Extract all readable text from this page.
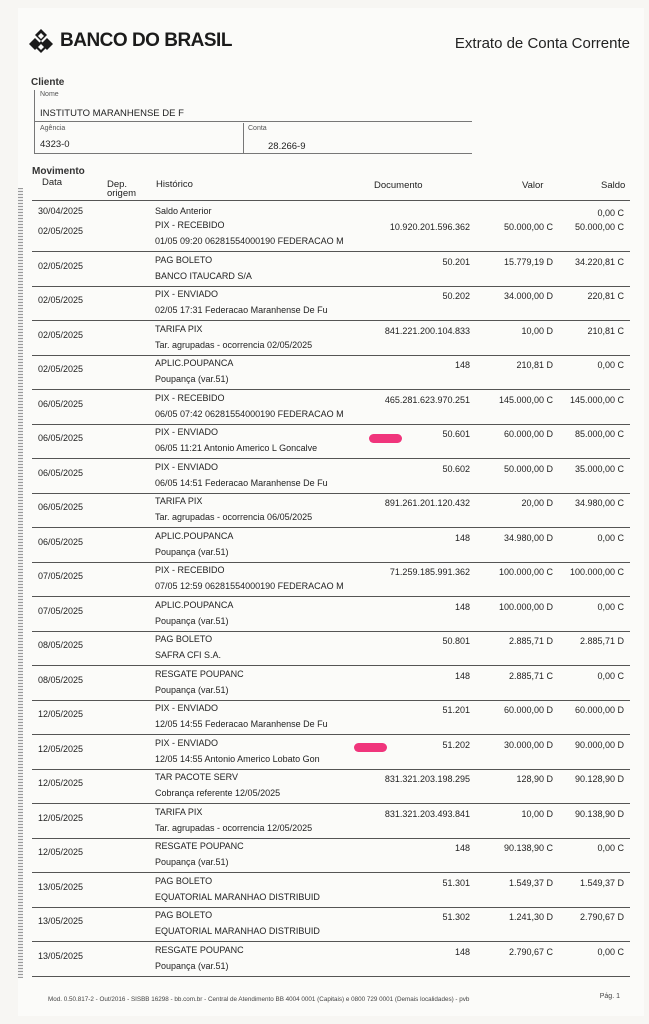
BANCO DO BRASIL	Extrato de Conta Corrente
Cliente
Nome
INSTITUTO MARANHENSE DE F
Agência
4323-0
Conta
28.266-9
Movimento
Data	Dep.
origem
Histórico	Documento	Valor	Saldo
30/04/2025	Saldo Anterior	0,00 C
02/05/2025
PIX - RECEBIDO
01/05 09:20 06281554000190 FEDERACAO M
10.920.201.596.362	50.000,00 C 50.000,00 C
02/05/2025
PAG BOLETO
BANCO ITAUCARD S/A
50.201	15.779,19 D 34.220,81 C
02/05/2025
PIX - ENVIADO
02/05 17:31 Federacao Maranhense De Fu
50.202	34.000,00 D	220,81 C
02/05/2025
TARIFA PIX
Tar. agrupadas - ocorrencia 02/05/2025
841.221.200.104.833	10,00 D	210,81 C
02/05/2025
APLIC.POUPANCA
Poupança (var.51)
148	210,81 D	0,00 C
06/05/2025
PIX - RECEBIDO
06/05 07:42 06281554000190 FEDERACAO M
465.281.623.970.251	145.000,00 C 145.000,00 C
06/05/2025
PIX - ENVIADO
06/05 11:21 Antonio Americo L Goncalve
50.601	60.000,00 D 85.000,00 C
06/05/2025
PIX - ENVIADO
06/05 14:51 Federacao Maranhense De Fu
50.602	50.000,00 D 35.000,00 C
06/05/2025
TARIFA PIX
Tar. agrupadas - ocorrencia 06/05/2025
891.261.201.120.432	20,00 D 34.980,00 C
06/05/2025
APLIC.POUPANCA
Poupança (var.51)
148	34.980,00 D	0,00 C
07/05/2025
PIX - RECEBIDO
07/05 12:59 06281554000190 FEDERACAO M
71.259.185.991.362	100.000,00 C 100.000,00 C
07/05/2025
APLIC.POUPANCA
Poupança (var.51)
148	100.000,00 D	0,00 C
08/05/2025
PAG BOLETO
SAFRA CFI S.A.
50.801	2.885,71 D	2.885,71 D
08/05/2025
RESGATE POUPANC
Poupança (var.51)
148	2.885,71 C	0,00 C
12/05/2025
PIX - ENVIADO
12/05 14:55 Federacao Maranhense De Fu
51.201	60.000,00 D 60.000,00 D
12/05/2025
PIX - ENVIADO
12/05 14:55 Antonio Americo Lobato Gon
51.202	30.000,00 D 90.000,00 D
12/05/2025
TAR PACOTE SERV
Cobrança referente 12/05/2025
831.321.203.198.295	128,90 D 90.128,90 D
12/05/2025
TARIFA PIX
Tar. agrupadas - ocorrencia 12/05/2025
831.321.203.493.841	10,00 D 90.138,90 D
12/05/2025
RESGATE POUPANC
Poupança (var.51)
148	90.138,90 C	0,00 C
13/05/2025
PAG BOLETO
EQUATORIAL MARANHAO DISTRIBUID
51.301	1.549,37 D	1.549,37 D
13/05/2025
PAG BOLETO
EQUATORIAL MARANHAO DISTRIBUID
51.302	1.241,30 D	2.790,67 D
13/05/2025
RESGATE POUPANC
Poupança (var.51)
148	2.790,67 C	0,00 C
Mod. 0.50.817-2 - Out/2016 - SISBB 16298 - bb.com.br - Central de Atendimento BB 4004 0001 (Capitais) e 0800 729 0001 (Demais localidades) - pvb	Pág. 1
